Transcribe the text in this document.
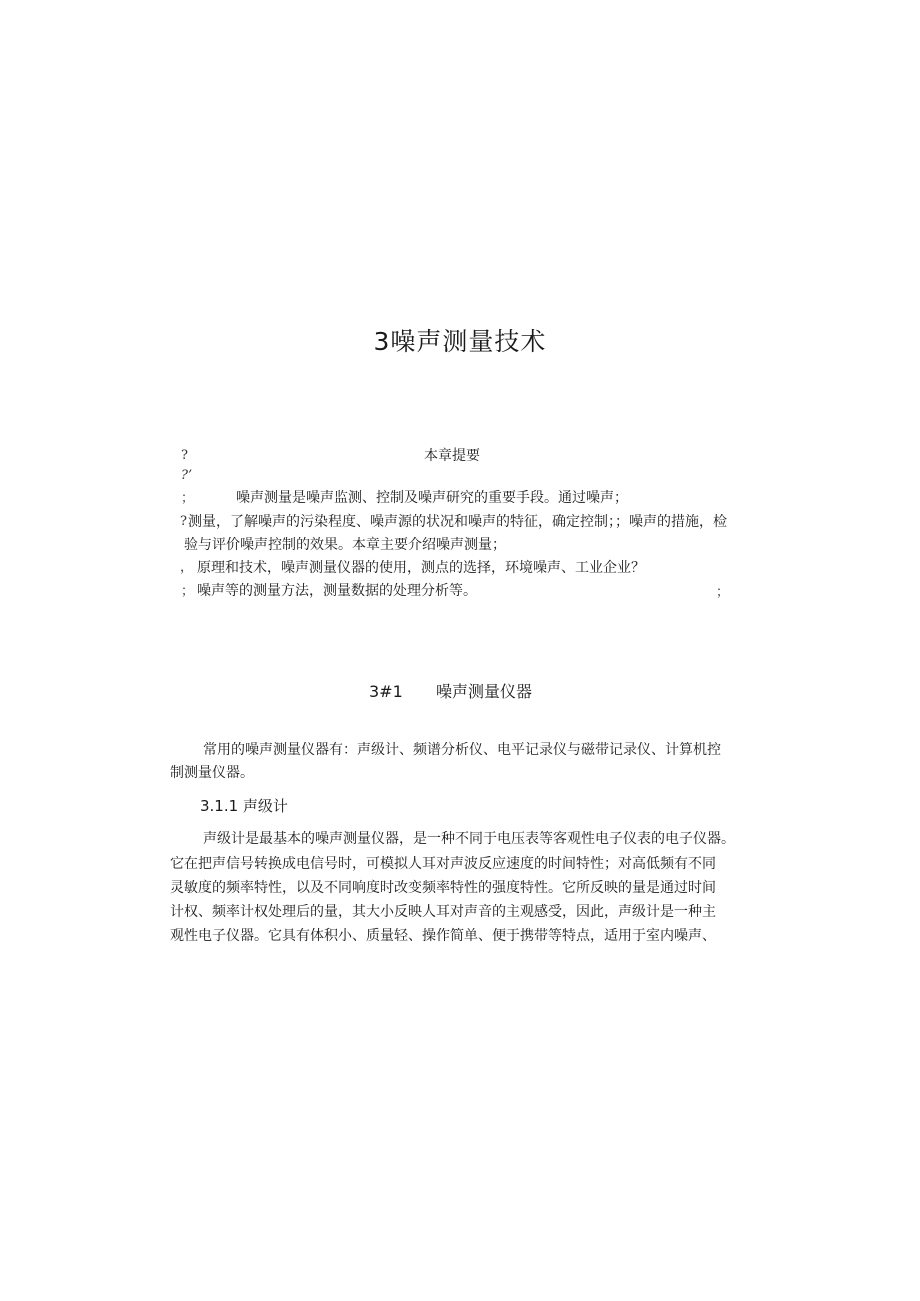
3噪声测量技术
?	本章提要
?’
；	噪声测量是噪声监测、控制及噪声研究的重要手段。通过噪声；
? 测量，了解噪声的污染程度、噪声源的状况和噪声的特征，确定控制；；噪声的措施，检
验与评价噪声控制的效果。本章主要介绍噪声测量；
， 原理和技术，噪声测量仪器的使用，测点的选择，环境噪声、工业企业？
； 噪声等的测量方法，测量数据的处理分析等。	；
3#1 噪声测量仪器
常用的噪声测量仪器有：声级计、频谱分析仪、电平记录仪与磁带记录仪、计算机控
制测量仪器。
3.1.1 声级计
声级计是最基本的噪声测量仪器，是一种不同于电压表等客观性电子仪表的电子仪器。
它在把声信号转换成电信号时，可模拟人耳对声波反应速度的时间特性；对高低频有不同
灵敏度的频率特性，以及不同响度时改变频率特性的强度特性。它所反映的量是通过时间
计权、频率计权处理后的量，其大小反映人耳对声音的主观感受，因此，声级计是一种主
观性电子仪器。它具有体积小、质量轻、操作简单、便于携带等特点，适用于室内噪声、
